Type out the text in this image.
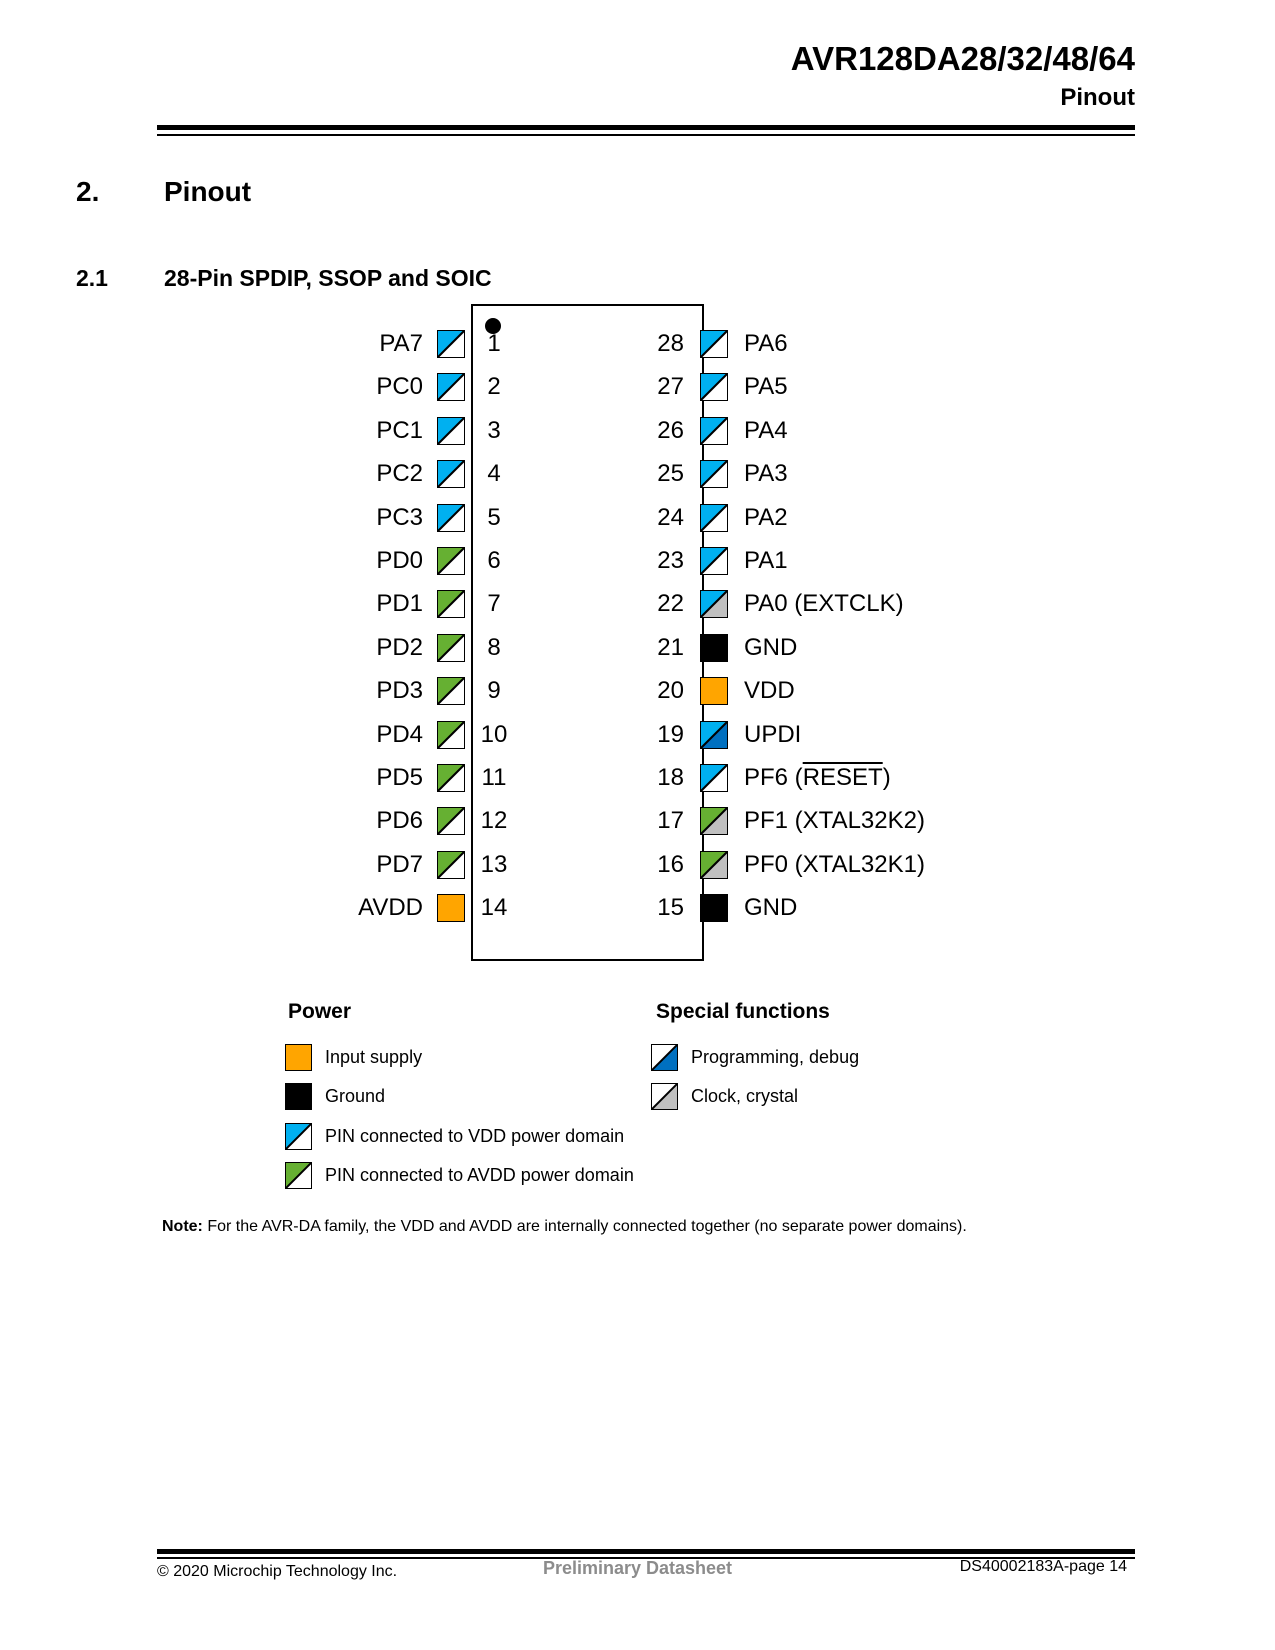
AVR128DA28/32/48/64
Pinout
2. Pinout
2.1 28-Pin SPDIP, SSOP and SOIC
PA7	1
PC0	2
PC1	3
PC2	4
PC3	5
PD0	6
PD1	7
PD2	8
PD3	9
PD4 10
PD5	11
PD6 12
PD7 13
AVDD 14
28	PA6
27	PA5
26	PA4
25	PA3
24	PA2
23	PA1
22	PA0 (EXTCLK)
21	GND
20	VDD
19	UPDI
18	PF6 (RESET)
17	PF1 (XTAL32K2)
16	PF0 (XTAL32K1)
15	GND
Power	Special functions
Input supply
Ground
PIN connected to VDD power domain
PIN connected to AVDD power domain
Programming, debug
Clock, crystal
Note: For the AVR-DA family, the VDD and AVDD are internally connected together (no separate power domains).
© 2020 Microchip Technology Inc.	Preliminary Datasheet	DS40002183A-page 14
